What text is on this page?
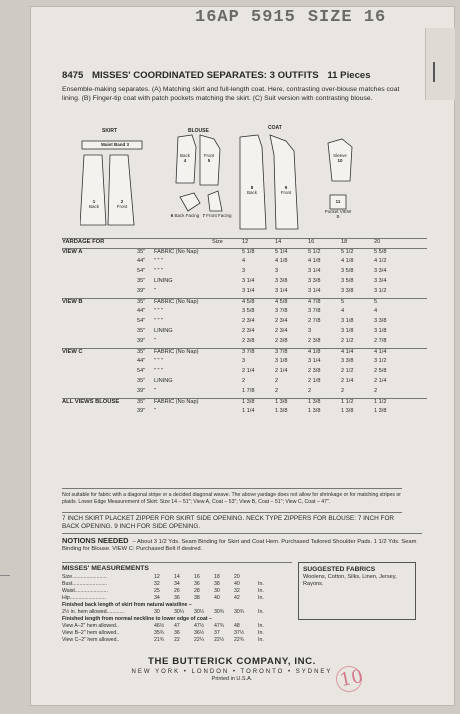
16AP 5915 SIZE 16
8475 MISSES' COORDINATED SEPARATES: 3 OUTFITS 11 Pieces
Ensemble-making separates. (A) Matching skirt and full-length coat. Here, contrasting over-blouse matches coat lining. (B) Finger-tip coat with patch pockets matching the skirt. (C) Suit version with contrasting blouse.
SKIRT	BLOUSE	COAT
Waist Band 3
1
Back
2
Front
Back
4
Front
5
6 Back Facing 7 Front Facing
8
Back
9
Front
Sleeve
10
11

Pocket VIEW B
YARDAGE FOR	Size	12	14	16	18	20
VIEW A	35" FABRIC (No Nap)	5 1/8	5 1/4	5 1/2	5 1/2	5 5/8
44" " " "	4	4 1/8	4 1/8	4 1/8	4 1/2
54" " " "	3	3	3 1/4	3 5/8	3 3/4
35" LINING	3 1/4	3 3/8	3 3/8	3 5/8	3 3/4
39" "	3 1/4	3 1/4	3 1/4	3 3/8	3 1/2
VIEW B	35" FABRIC (No Nap)	4 5/8	4 5/8	4 7/8	5	5
44" " " "	3 5/8	3 7/8	3 7/8	4	4
54" " " "	2 3/4	2 3/4	2 7/8	3 1/8	3 3/8
35" LINING	2 3/4	2 3/4	3	3 1/8	3 1/8
39" "	2 3/8	2 3/8	2 3/8	2 1/2	2 7/8
VIEW C	35" FABRIC (No Nap)	3 7/8	3 7/8	4 1/8	4 1/4	4 1/4
44" " " "	3	3 1/8	3 1/4	3 3/8	3 1/2
54" " " "	2 1/4	2 1/4	2 3/8	2 1/2	2 5/8
35" LINING	2	2	2 1/8	2 1/4	2 1/4
39" "	1 7/8	2	2	2	2
ALL VIEWS BLOUSE	35" FABRIC (No Nap)	1 3/8	1 3/8	1 3/8	1 1/2	1 1/2
39" "	1 1/4	1 3/8	1 3/8	1 3/8	1 3/8
Not suitable for fabric with a diagonal stripe or a decided diagonal weave. The above yardage does not allow for shrinkage or for matching stripes or plaids. Lower Edge Measurement of Skirt: Size 14 – 51"; View A, Coat – 53"; View B, Coat – 51"; View C, Coat – 47".
7 INCH SKIRT PLACKET ZIPPER FOR SKIRT SIDE OPENING. NECK TYPE ZIPPERS FOR BLOUSE: 7 INCH FOR BACK OPENING. 9 INCH FOR SIDE OPENING.
NOTIONS NEEDED – About 3 1/2 Yds. Seam Binding for Skirt and Coat Hem. Purchased Tailored Shoulder Pads. 1 1/2 Yds. Seam Binding for Blouse. VIEW C: Purchased Belt if desired.
MISSES' MEASUREMENTS
Size........................	12	14	16	18	20
Bust........................	32	34	36	38	40	In.
Waist.......................	25	26	28	30	32	In.
Hip.........................	34	36	38	40	42	In.
Finished back length of skirt from natural waistline –
2½ in. hem allowed............	30	30¼ 30½ 30¾ 30¾	In.
Finished length from normal neckline to lower edge of coat –
View A–2" hem allowed..	46½ 47	47½ 47¾ 48	In.
View B–2" hem allowed..	35¾ 36	36½ 37	37½	In.
View C–2" hem allowed..	21¾ 22	22¼ 22½ 22¾	In.
SUGGESTED FABRICS
Woolens, Cotton, Silks, Linen, Jersey, Rayons.
THE BUTTERICK COMPANY, INC.
NEW YORK • LONDON • TORONTO • SYDNEY
Printed in U.S.A.	10
